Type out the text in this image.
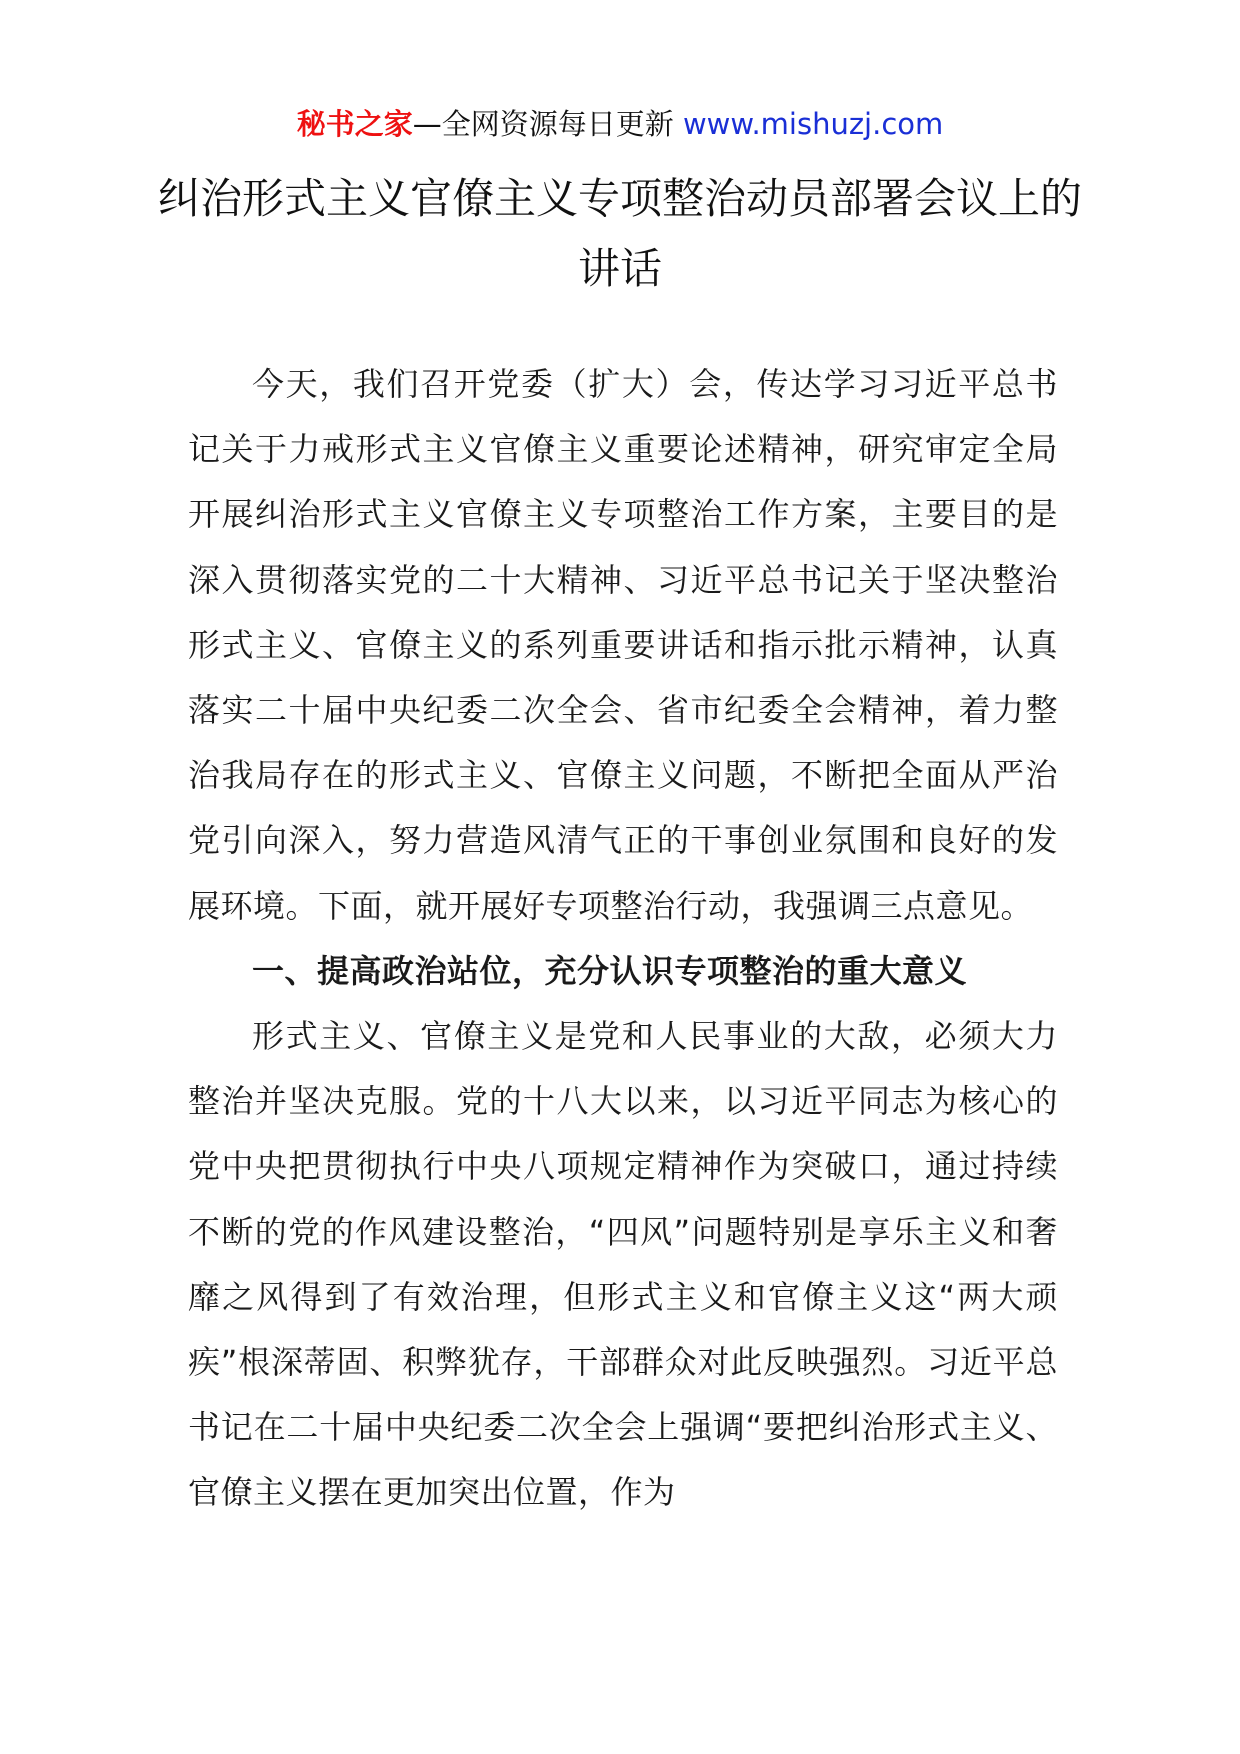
秘书之家—全网资源每日更新 www.mishuzj.com
纠治形式主义官僚主义专项整治动员部署会议上的讲话

今天，我们召开党委（扩大）会，传达学习习近平总书记关于力戒形式主义官僚主义重要论述精神，研究审定全局开展纠治形式主义官僚主义专项整治工作方案，主要目的是深入贯彻落实党的二十大精神、习近平总书记关于坚决整治形式主义、官僚主义的系列重要讲话和指示批示精神，认真落实二十届中央纪委二次全会、省市纪委全会精神，着力整治我局存在的形式主义、官僚主义问题，不断把全面从严治党引向深入，努力营造风清气正的干事创业氛围和良好的发展环境。下面，就开展好专项整治行动，我强调三点意见。

一、提高政治站位，充分认识专项整治的重大意义

形式主义、官僚主义是党和人民事业的大敌，必须大力整治并坚决克服。党的十八大以来，以习近平同志为核心的党中央把贯彻执行中央八项规定精神作为突破口，通过持续不断的党的作风建设整治，“四风”问题特别是享乐主义和奢靡之风得到了有效治理，但形式主义和官僚主义这“两大顽疾”根深蒂固、积弊犹存，干部群众对此反映强烈。习近平总书记在二十届中央纪委二次全会上强调“要把纠治形式主义、官僚主义摆在更加突出位置，作为
